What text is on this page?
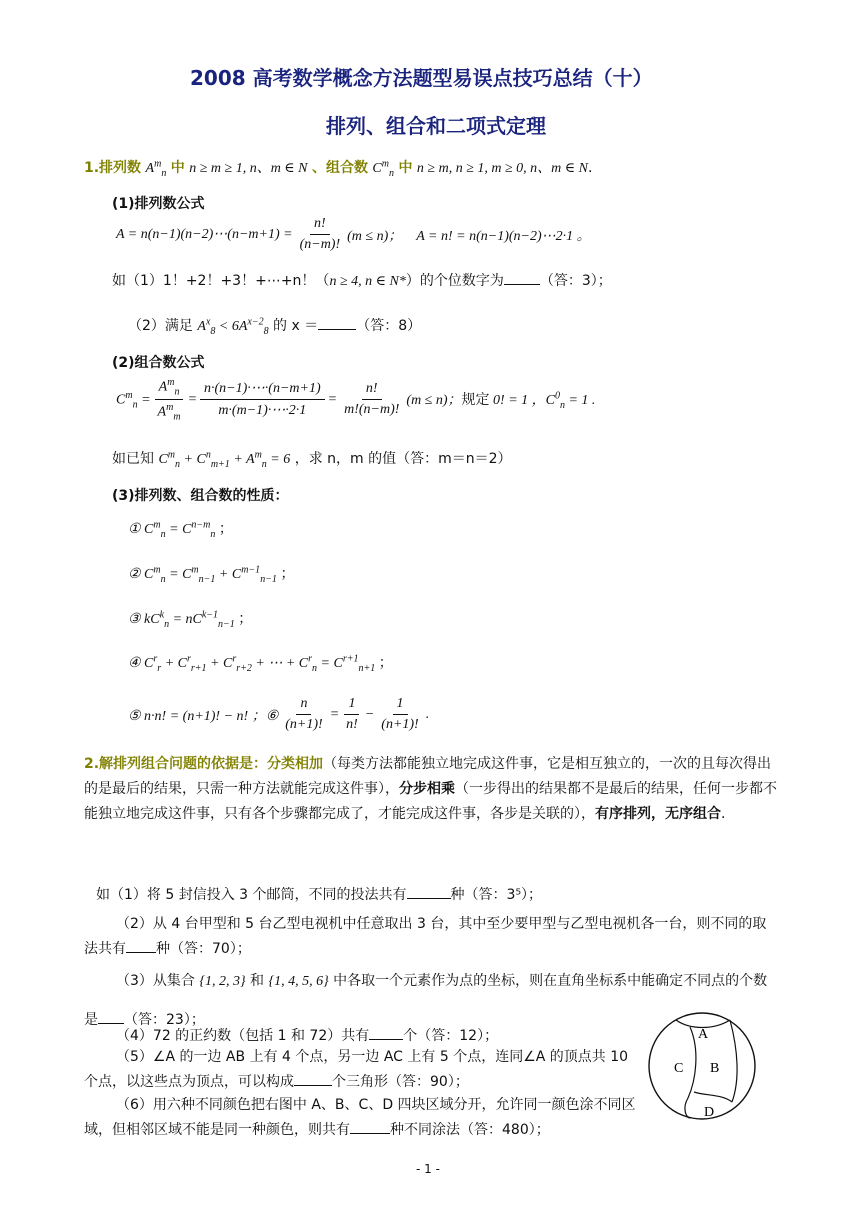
2008 高考数学概念方法题型易误点技巧总结（十）
排列、组合和二项式定理
1.排列数 $A^m_n$ 中 n ≥ m ≥ 1, n、m ∈ N 、组合数 $C^m_n$ 中 n ≥ m, n ≥ 1, m ≥ 0, n、m ∈ N.
(1)排列数公式
A = n(n−1)(n−2)⋯(n−m+1) = $\frac{n!}{(n-m)!} (m \le n)$； A = n! = n(n−1)(n−2)⋯2·1 。
如（1）1！+2！+3！+⋯+n！（n ≥ 4, n ∈ N*）的个位数字为	（答：3）；
（2）满足 $A^x_8 < 6A^{x-2}_8$ 的 x ＝	（答：8）
(2)组合数公式
$C^m_n = \frac{A^m_n}{A^m_m} = \frac{n\cdot(n-1)\cdot\cdots\cdot(n-m+1)}{m\cdot(m-1)\cdot\cdots\cdot 2\cdot 1} = \frac{n!}{m!(n-m)!} (m \le n)$；规定 0! = 1 ，$C^0_n = 1$ .
如已知 $C^m_n + C^n_{m+1} + A^m_n = 6$ ，求 n，m 的值（答：m＝n＝2）
(3)排列数、组合数的性质：
① $C^m_n = C^{n-m}_n$ ；
② $C^m_n = C^m_{n-1} + C^{m-1}_{n-1}$ ；
③ $kC^k_n = nC^{k-1}_{n-1}$ ；
④ $C^r_r + C^r_{r+1} + C^r_{r+2}$ + ⋯ + $C^r_n = C^{r+1}_{n+1}$ ；
⑤ n·n! = (n+1)! − n! ；⑥ $\frac{n}{(n+1)!} = \frac{1}{n!} - \frac{1}{(n+1)!}$ .
2.解排列组合问题的依据是：分类相加（每类方法都能独立地完成这件事，它是相互独立的，一次的且每次得出的是最后的结果，只需一种方法就能完成这件事），分步相乘（一步得出的结果都不是最后的结果，任何一步都不能独立地完成这件事，只有各个步骤都完成了，才能完成这件事，各步是关联的），有序排列，无序组合.
如（1）将 5 封信投入 3 个邮筒，不同的投法共有	种（答：3⁵）；
（2）从 4 台甲型和 5 台乙型电视机中任意取出 3 台，其中至少要甲型与乙型电视机各一台，则不同的取法共有 种（答：70）；
（3）从集合 {1, 2, 3} 和 {1, 4, 5, 6} 中各取一个元素作为点的坐标，则在直角坐标系中能确定不同点的个数是 （答：23）；
（4）72 的正约数（包括 1 和 72）共有 个（答：12）；
（5）∠A 的一边 AB 上有 4 个点，另一边 AC 上有 5 个点，连同∠A 的顶点共 10 个点，以这些点为顶点，可以构成	个三角形（答：90）；
（6）用六种不同颜色把右图中 A、B、C、D 四块区域分开，允许同一颜色涂不同区域，但相邻区域不能是同一种颜色，则共有	种不同涂法（答：480）；
A
B
C
D
- 1 -
